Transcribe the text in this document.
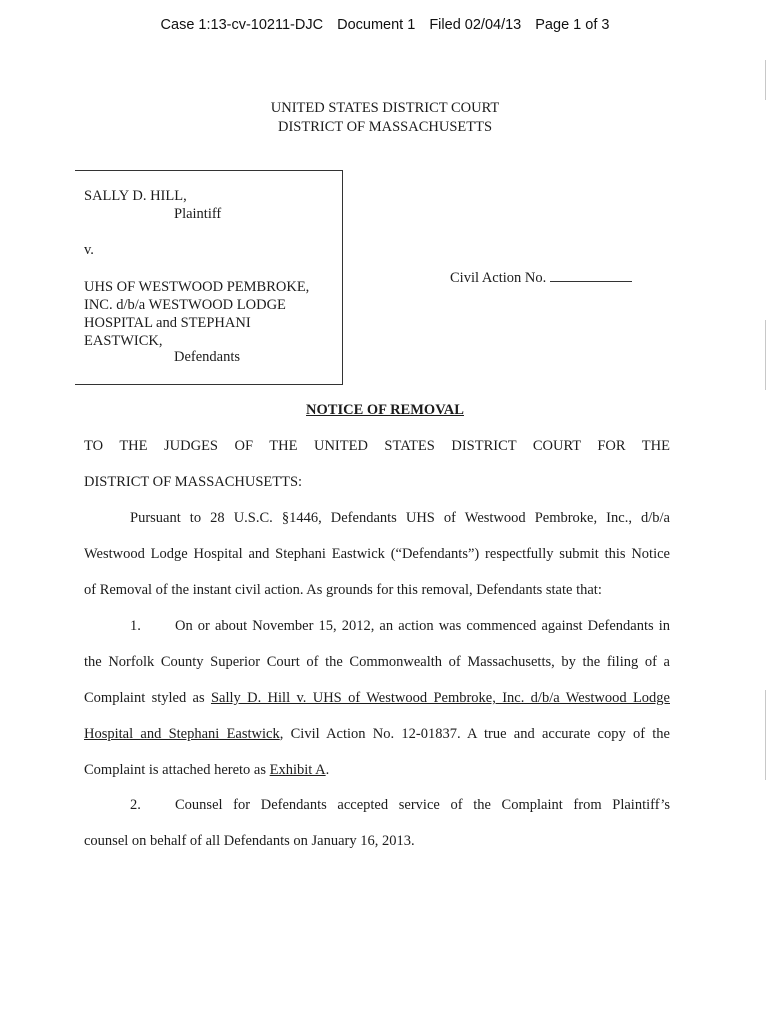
Case 1:13-cv-10211-DJC Document 1 Filed 02/04/13 Page 1 of 3
UNITED STATES DISTRICT COURT
DISTRICT OF MASSACHUSETTS
SALLY D. HILL,
Plaintiff
v.
UHS OF WESTWOOD PEMBROKE,
INC. d/b/a WESTWOOD LODGE
HOSPITAL and STEPHANI
EASTWICK,
Defendants
Civil Action No.
NOTICE OF REMOVAL
TO THE JUDGES OF THE UNITED STATES DISTRICT COURT FOR THE
DISTRICT OF MASSACHUSETTS:
Pursuant to 28 U.S.C. §1446, Defendants UHS of Westwood Pembroke, Inc., d/b/a
Westwood Lodge Hospital and Stephani Eastwick (“Defendants”) respectfully submit this Notice
of Removal of the instant civil action. As grounds for this removal, Defendants state that:
1.	On or about November 15, 2012, an action was commenced against Defendants in
the Norfolk County Superior Court of the Commonwealth of Massachusetts, by the filing of a
Complaint styled as Sally D. Hill v. UHS of Westwood Pembroke, Inc. d/b/a Westwood Lodge
Hospital and Stephani Eastwick, Civil Action No. 12-01837. A true and accurate copy of the
Complaint is attached hereto as Exhibit A.
2.	Counsel for Defendants accepted service of the Complaint from Plaintiff’s
counsel on behalf of all Defendants on January 16, 2013.
